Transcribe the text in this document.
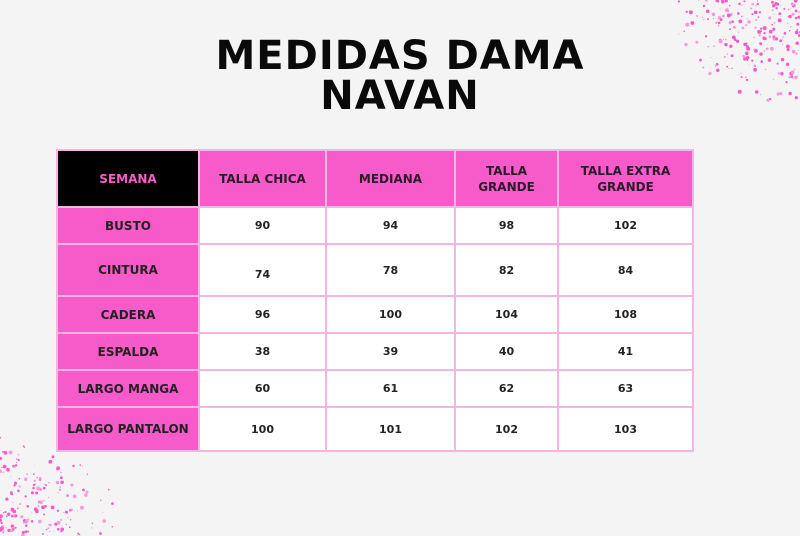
MEDIDAS DAMA
NAVAN
SEMANA	TALLA CHICA	MEDIANA	TALLA GRANDE	TALLA EXTRA GRANDE
BUSTO	90	94	98	102
CINTURA	74	78	82	84
CADERA	96	100	104	108
ESPALDA	38	39	40	41
LARGO MANGA	60	61	62	63
LARGO PANTALON	100	101	102	103
